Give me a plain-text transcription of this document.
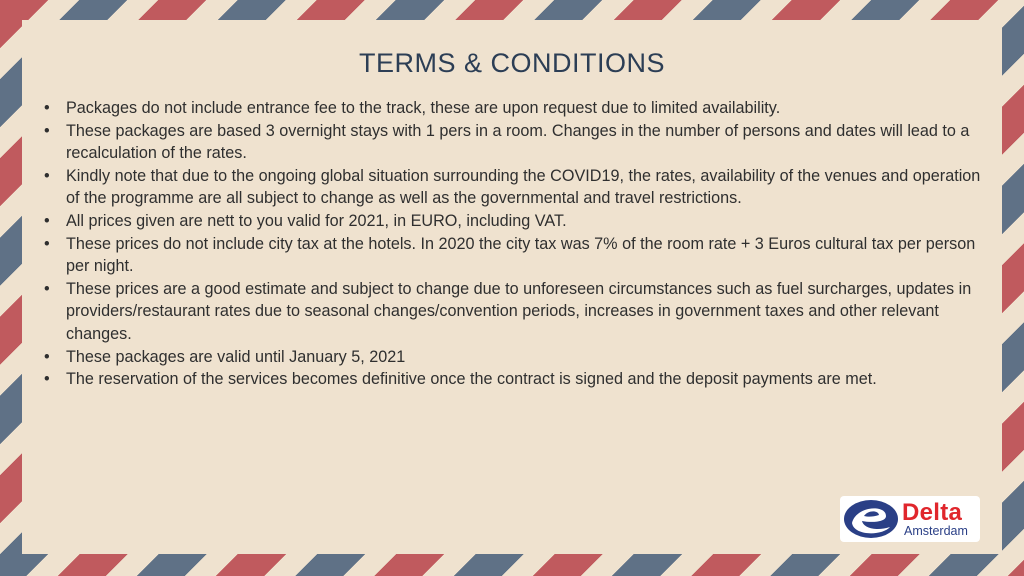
TERMS & CONDITIONS
•	Packages do not include entrance fee to the track, these are upon request due to limited availability.
•	These packages are based 3 overnight stays with 1 pers in a room. Changes in the number of persons and dates will lead to a recalculation of the rates.
•	Kindly note that due to the ongoing global situation surrounding the COVID19, the rates, availability of the venues and operation of the programme are all subject to change as well as the governmental and travel restrictions.
•	All prices given are nett to you valid for 2021, in EURO, including VAT.
•	These prices do not include city tax at the hotels. In 2020 the city tax was 7% of the room rate + 3 Euros cultural tax per person per night.
•	These prices are a good estimate and subject to change due to unforeseen circumstances such as fuel surcharges, updates in providers/restaurant rates due to seasonal changes/convention periods, increases in government taxes and other relevant changes.
•	These packages are valid until January 5, 2021
•	The reservation of the services becomes definitive once the contract is signed and the deposit payments are met.
Delta
Amsterdam
